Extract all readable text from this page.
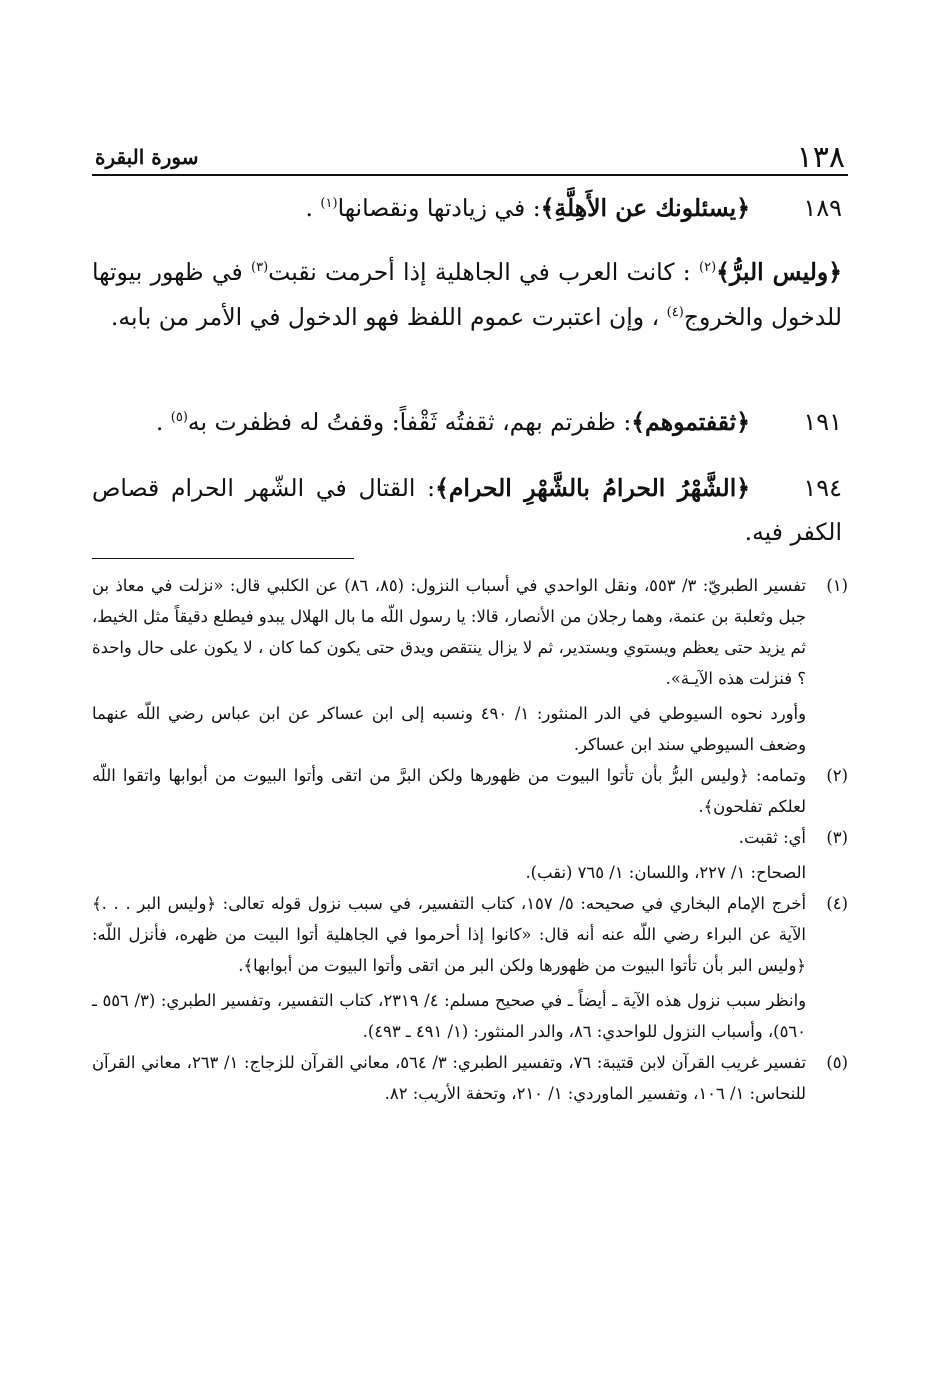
١٣٨
سورة البقرة
١٨٩
﴿يسئلونك عن الأَهِلَّةِ﴾: في زيادتها ونقصانها$^{(١)}$ .
﴿وليس البرُّ﴾$^{(٢)}$ : كانت العرب في الجاهلية إذا أحرمت نقبت$^{(٣)}$ في ظهور بيوتها للدخول والخروج$^{(٤)}$ ، وإن اعتبرت عموم اللفظ فهو الدخول في الأمر من بابه.
١٩١
﴿ثقفتموهم﴾: ظفرتم بهم، ثقفتُه ثَقْفاً: وقفتُ له فظفرت به$^{(٥)}$ .
١٩٤
﴿الشَّهْرُ الحرامُ بالشَّهْرِ الحرام﴾: القتال في الشّهر الحرام قصاص الكفر فيه.
(١)

تفسير الطبريّ: ٣/ ٥٥٣، ونقل الواحدي في أسباب النزول: (٨٥، ٨٦) عن الكلبي قال: «نزلت في معاذ بن جبل وثعلبة بن عنمة، وهما رجلان من الأنصار، قالا: يا رسول اللّه ما بال الهلال يبدو فيطلع دقيقاً مثل الخيط، ثم يزيد حتى يعظم ويستوي ويستدير، ثم لا يزال ينتقص ويدق حتى يكون كما كان ، لا يكون على حال واحدة ؟ فنزلت هذه الآيـة».

وأورد نحوه السيوطي في الدر المنثور: ١/ ٤٩٠ ونسبه إلى ابن عساكر عن ابن عباس رضي اللّه عنهما وضعف السيوطي سند ابن عساكر.

(٢)

وتمامه: ﴿وليس البرُّ بأن تأتوا البيوت من ظهورها ولكن البرَّ من اتقى وأتوا البيوت من أبوابها واتقوا اللّه لعلكم تفلحون﴾.

(٣)

أي: ثقبت.

الصحاح: ١/ ٢٢٧، واللسان: ١/ ٧٦٥ (نقب).

(٤)

أخرج الإمام البخاري في صحيحه: ٥/ ١٥٧، كتاب التفسير، في سبب نزول قوله تعالى: ﴿وليس البر . . .﴾ الآية عن البراء رضي اللّه عنه أنه قال: «كانوا إذا أحرموا في الجاهلية أتوا البيت من ظهره، فأنزل اللّه: ﴿وليس البر بأن تأتوا البيوت من ظهورها ولكن البر من اتقى وأتوا البيوت من أبوابها﴾.

وانظر سبب نزول هذه الآية ـ أيضاً ـ في صحيح مسلم: ٤/ ٢٣١٩، كتاب التفسير، وتفسير الطبري: (٣/ ٥٥٦ ـ ٥٦٠)، وأسباب النزول للواحدي: ٨٦، والدر المنثور: (١/ ٤٩١ ـ ٤٩٣).

(٥)

تفسير غريب القرآن لابن قتيبة: ٧٦، وتفسير الطبري: ٣/ ٥٦٤، معاني القرآن للزجاج: ١/ ٢٦٣، معاني القرآن للنحاس: ١/ ١٠٦، وتفسير الماوردي: ١/ ٢١٠، وتحفة الأريب: ٨٢.
